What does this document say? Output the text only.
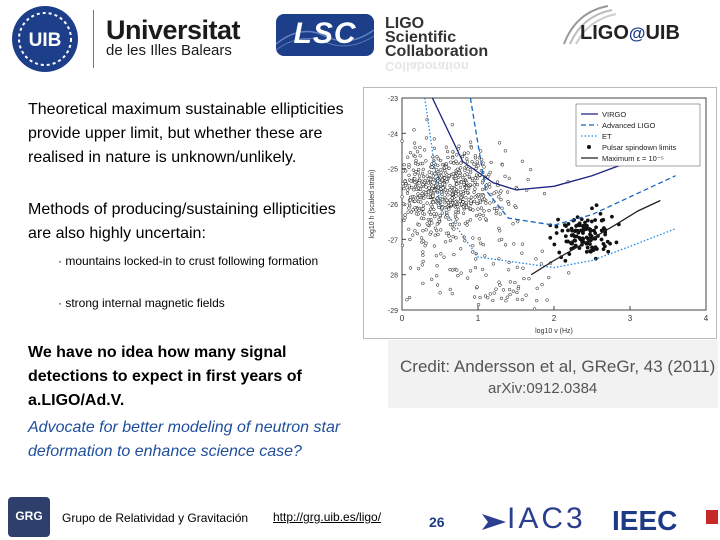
UIB Universitat
de les Illes Balears
LSC	LIGO
Scientific
Collaboration
Collaboration
LIGO@UIB
Theoretical maximum sustainable ellipticities provide upper limit, but whether these are realised in nature is unknown/unlikely.
Methods of producing/sustaining ellipticities are also highly uncertain:
· mountains locked-in to crust following formation
· strong internal magnetic fields
We have no idea how many signal detections to expect in first years of a.LIGO/Ad.V.
Advocate for better modeling of neutron star deformation to enhance science case?
0	1	2	3	4
-23
-24
-25
-26
-27
28
-29
log10 ν (Hz)
log10 h (scaled strain)
VIRGO
Advanced LIGO
ET
Pulsar spindown limits
Maximum ε = 10⁻⁵
Credit: Andersson et al, GReGr, 43 (2011)
arXiv:0912.0384
GRG	Grupo de Relatividad y Gravitación http://grg.uib.es/ligo/	26 IAC3 IEEC
